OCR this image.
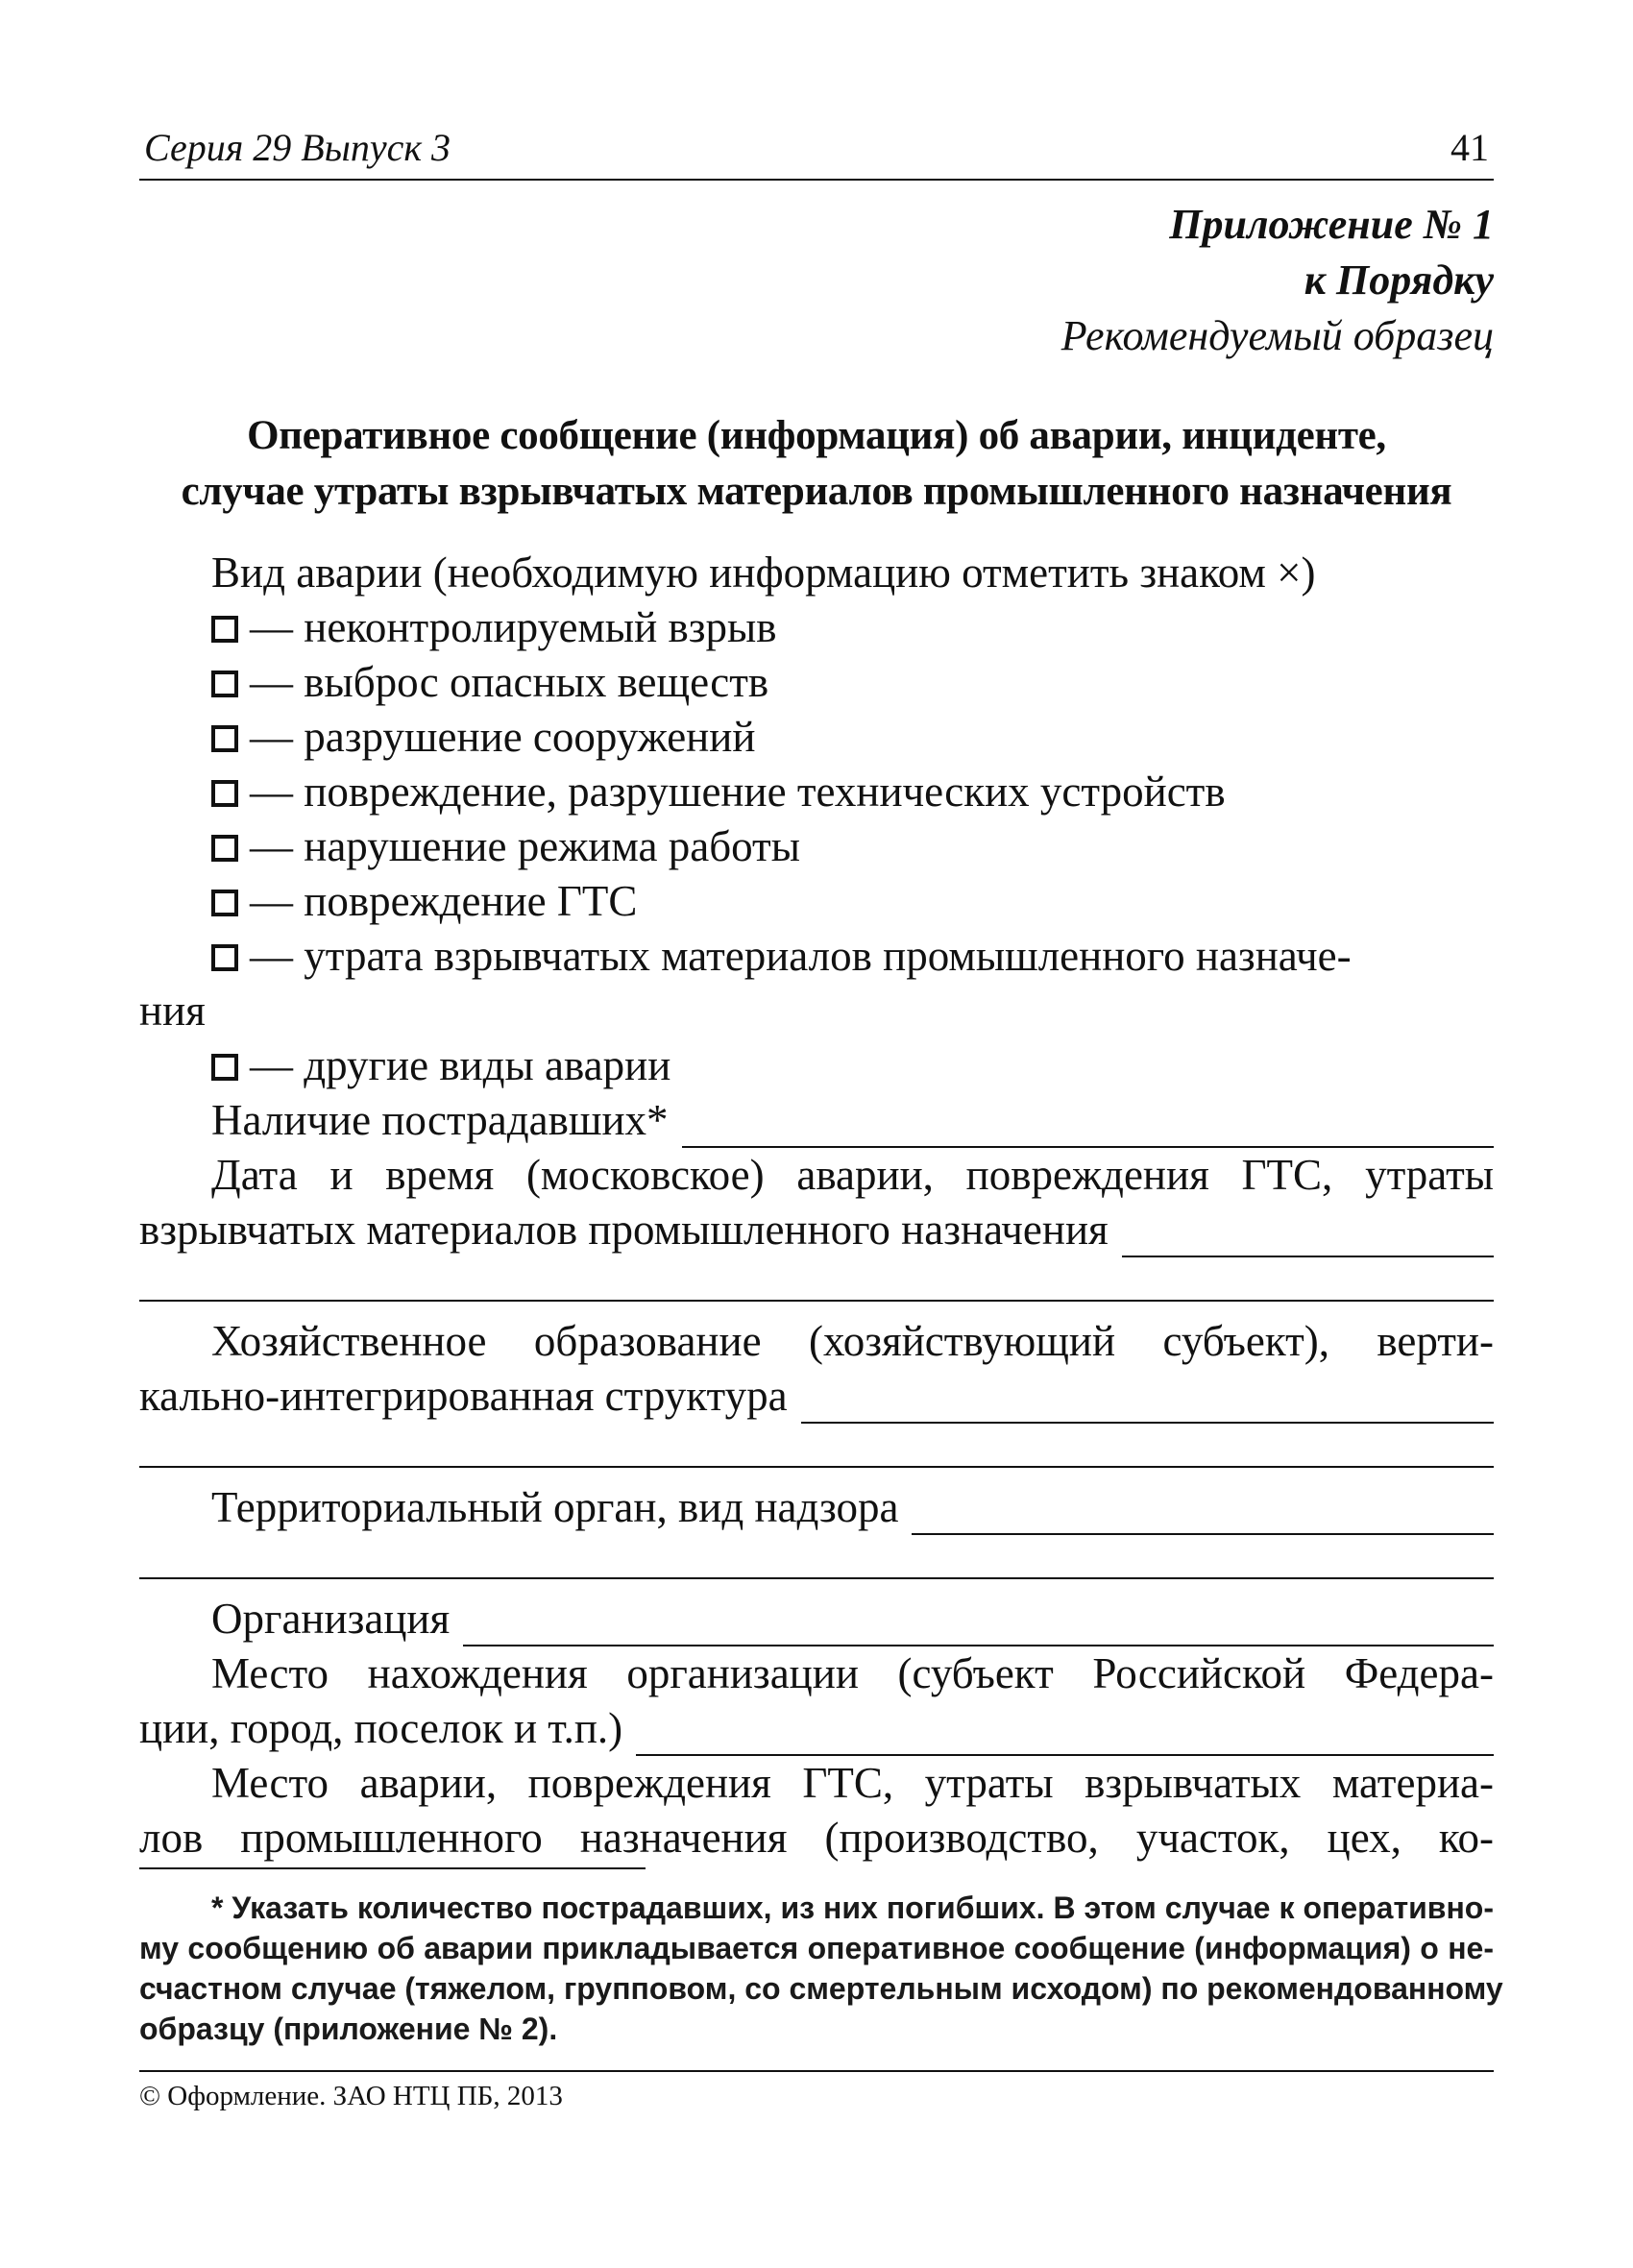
Серия 29 Выпуск 3	41
Приложение № 1
к Порядку
Рекомендуемый образец
Оперативное сообщение (информация) об аварии, инциденте,
случае утраты взрывчатых материалов промышленного назначения
Вид аварии (необходимую информацию отметить знаком ×)
— неконтролируемый взрыв
— выброс опасных веществ
— разрушение сооружений
— повреждение, разрушение технических устройств
— нарушение режима работы
— повреждение ГТС
— утрата взрывчатых материалов промышленного назначе-
ния
— другие виды аварии
Наличие пострадавших*
Дата и время (московское) аварии, повреждения ГТС, утраты
взрывчатых материалов промышленного назначения
Хозяйственное образование (хозяйствующий субъект), верти-
кально-интегрированная структура
Территориальный орган, вид надзора
Организация
Место нахождения организации (субъект Российской Федера-
ции, город, поселок и т.п.)
Место аварии, повреждения ГТС, утраты взрывчатых материа-
лов промышленного назначения (производство, участок, цех, ко-
* Указать количество пострадавших, из них погибших. В этом случае к оперативно-
му сообщению об аварии прикладывается оперативное сообщение (информация) о не-
счастном случае (тяжелом, групповом, со смертельным исходом) по рекомендованному
образцу (приложение № 2).
© Оформление. ЗАО НТЦ ПБ, 2013
